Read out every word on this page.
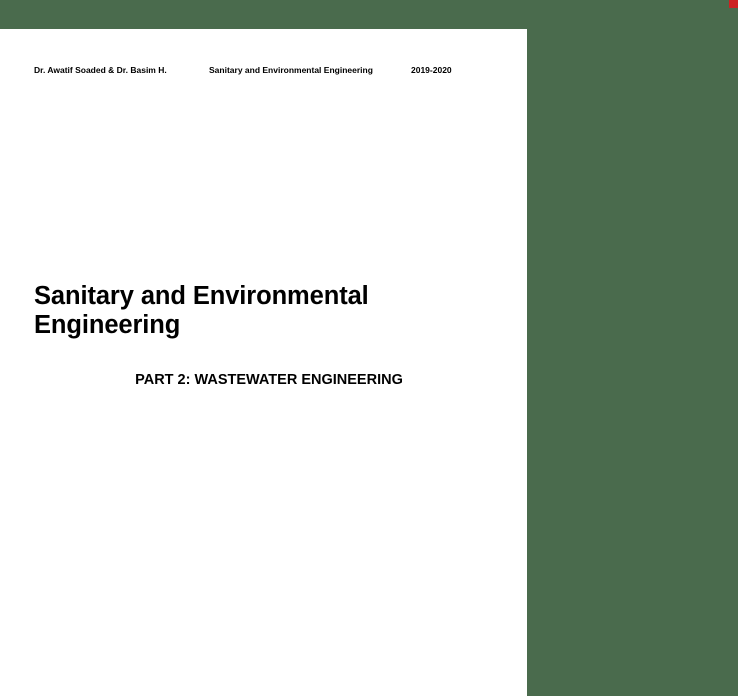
Dr. Awatif Soaded & Dr. Basim H.	Sanitary and Environmental Engineering	2019-2020
Sanitary and Environmental Engineering
PART 2: WASTEWATER ENGINEERING
